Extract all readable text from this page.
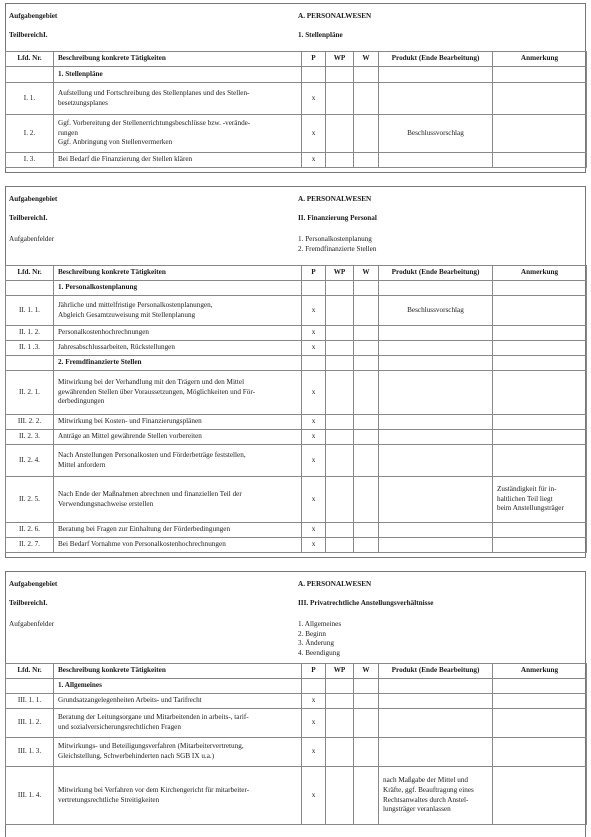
Aufgabengebiet	A. PERSONALWESEN
TeilbereichI.	1. Stellenpläne
Lfd. Nr.	Beschreibung konkrete Tätigkeiten	P	WP	W	Produkt (Ende Bearbeitung)	Anmerkung
	1. Stellenpläne					
I. 1.	Aufstellung und Fortschreibung des Stellenplanes und des Stellen-
besetzungsplanes	x				
I. 2.	Ggf. Vorbereitung der Stellenerrichtungsbeschlüsse bzw. -verände-
rungen
Ggf. Anbringung von Stellenvermerken	x			Beschlussvorschlag	
I. 3.	Bei Bedarf die Finanzierung der Stellen klären	x				
Aufgabengebiet	A. PERSONALWESEN
TeilbereichI.	II. Finanzierung Personal
Aufgabenfelder	1. Personalkostenplanung
2. Fremdfinanzierte Stellen
Lfd. Nr.	Beschreibung konkrete Tätigkeiten	P	WP	W	Produkt (Ende Bearbeitung)	Anmerkung
	1. Personalkostenplanung					
II. 1. 1.	Jährliche und mittelfristige Personalkostenplanungen,
Abgleich Gesamtzuweisung mit Stellenplanung	x			Beschlussvorschlag	
II. 1. 2.	Personalkostenhochrechnungen	x				
II. 1 .3.	Jahresabschlussarbeiten, Rückstellungen	x				
	2. Fremdfinanzierte Stellen					
II. 2. 1.	Mitwirkung bei der Verhandlung mit den Trägern und den Mittel
gewährenden Stellen über Voraussetzungen, Möglichkeiten und För-
derbedingungen	x				
III. 2. 2.	Mitwirkung bei Kosten- und Finanzierungsplänen	x				
II. 2. 3.	Anträge an Mittel gewährende Stellen vorbereiten	x				
II. 2. 4.	Nach Anstellungen Personalkosten und Förderbeträge feststellen,
Mittel anfordern	x				
II. 2. 5.	Nach Ende der Maßnahmen abrechnen und finanziellen Teil der
Verwendungsnachweise erstellen	x				Zuständigkeit für in-
haltlichen Teil liegt
beim Anstellungsträger
II. 2. 6.	Beratung bei Fragen zur Einhaltung der Förderbedingungen	x				
II. 2. 7.	Bei Bedarf Vornahme von Personalkostenhochrechnungen	x				
Aufgabengebiet	A. PERSONALWESEN
TeilbereichI.	III. Privatrechtliche Anstellungsverhältnisse
Aufgabenfelder	1. Allgemeines
2. Beginn
3. Änderung
4. Beendigung
Lfd. Nr.	Beschreibung konkrete Tätigkeiten	P	WP	W	Produkt (Ende Bearbeitung)	Anmerkung
	1. Allgemeines					
III. 1. 1.	Grundsatzangelegenheiten Arbeits- und Tarifrecht	x				
III. 1. 2.	Beratung der Leitungsorgane und Mitarbeitenden in arbeits-, tarif-
und sozialversicherungsrechtlichen Fragen	x				
III. 1. 3.	Mitwirkungs- und Beteiligungsverfahren (Mitarbeitervertretung,
Gleichstellung, Schwerbehinderten nach SGB IX u.a.)	x				
III. 1. 4.	Mitwirkung bei Verfahren vor dem Kirchengericht für mitarbeiter-
vertretungsrechtliche Streitigkeiten	x			nach Maßgabe der Mittel und
Kräfte, ggf. Beauftragung eines
Rechtsanwaltes durch Anstel-
lungsträger veranlassen	
